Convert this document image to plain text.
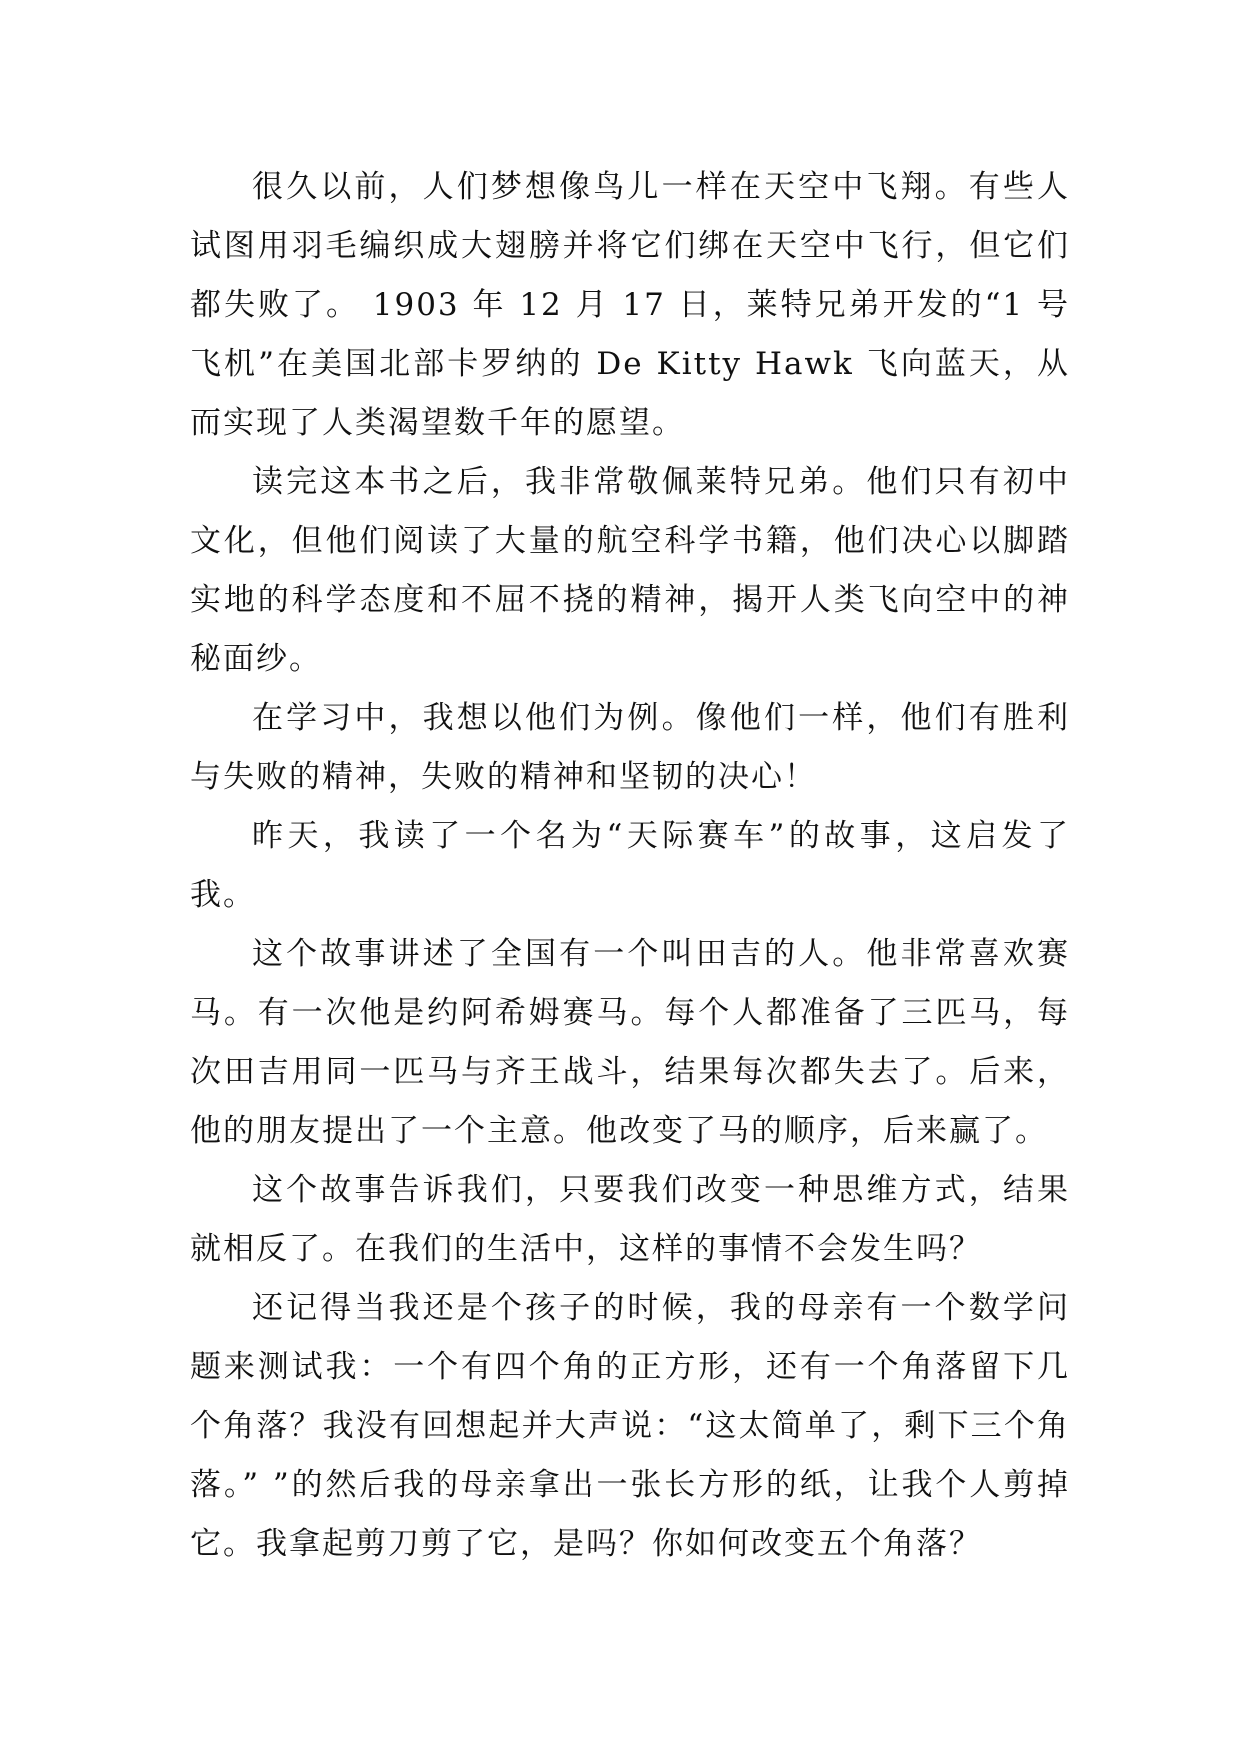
很久以前，人们梦想像鸟儿一样在天空中飞翔。有些人试图用羽毛编织成大翅膀并将它们绑在天空中飞行，但它们都失败了。 1903 年 12 月 17 日，莱特兄弟开发的“1 号飞机”在美国北部卡罗纳的 De Kitty Hawk 飞向蓝天，从而实现了人类渴望数千年的愿望。

读完这本书之后，我非常敬佩莱特兄弟。他们只有初中文化，但他们阅读了大量的航空科学书籍，他们决心以脚踏实地的科学态度和不屈不挠的精神，揭开人类飞向空中的神秘面纱。

在学习中，我想以他们为例。像他们一样，他们有胜利与失败的精神，失败的精神和坚韧的决心！

昨天，我读了一个名为“天际赛车”的故事，这启发了我。

这个故事讲述了全国有一个叫田吉的人。他非常喜欢赛马。有一次他是约阿希姆赛马。每个人都准备了三匹马，每次田吉用同一匹马与齐王战斗，结果每次都失去了。后来，他的朋友提出了一个主意。他改变了马的顺序，后来赢了。

这个故事告诉我们，只要我们改变一种思维方式，结果就相反了。在我们的生活中，这样的事情不会发生吗？

还记得当我还是个孩子的时候，我的母亲有一个数学问题来测试我：一个有四个角的正方形，还有一个角落留下几个角落？我没有回想起并大声说：“这太简单了，剩下三个角落。” ”的然后我的母亲拿出一张长方形的纸，让我个人剪掉它。我拿起剪刀剪了它，是吗？你如何改变五个角落？
